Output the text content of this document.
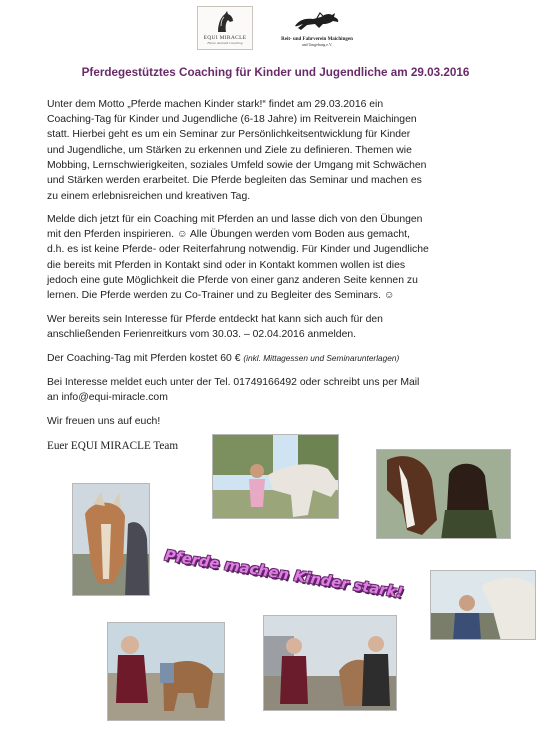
EQUI MIRACLE
Horse Assisted Coaching
Reit- und Fahrverein Maichingen
und Umgebung e.V.
Pferdegestütztes Coaching für Kinder und Jugendliche am 29.03.2016

Unter dem Motto „Pferde machen Kinder stark!“ findet am 29.03.2016 ein

Coaching-Tag für Kinder und Jugendliche (6-18 Jahre) im Reitverein Maichingen

statt. Hierbei geht es um ein Seminar zur Persönlichkeitsentwicklung für Kinder

und Jugendliche, um Stärken zu erkennen und Ziele zu definieren. Themen wie

Mobbing, Lernschwierigkeiten, soziales Umfeld sowie der Umgang mit Schwächen

und Stärken werden erarbeitet. Die Pferde begleiten das Seminar und machen es

zu einem erlebnisreichen und kreativen Tag.

Melde dich jetzt für ein Coaching mit Pferden an und lasse dich von den Übungen

mit den Pferden inspirieren. ☺ Alle Übungen werden vom Boden aus gemacht,

d.h. es ist keine Pferde- oder Reiterfahrung notwendig. Für Kinder und Jugendliche

die bereits mit Pferden in Kontakt sind oder in Kontakt kommen wollen ist dies

jedoch eine gute Möglichkeit die Pferde von einer ganz anderen Seite kennen zu

lernen. Die Pferde werden zu Co-Trainer und zu Begleiter des Seminars. ☺

Wer bereits sein Interesse für Pferde entdeckt hat kann sich auch für den

anschließenden Ferienreitkurs vom 30.03. – 02.04.2016 anmelden.

Der Coaching-Tag mit Pferden kostet 60 € (inkl. Mittagessen und Seminarunterlagen)

Bei Interesse meldet euch unter der Tel. 01749166492 oder schreibt uns per Mail

an info@equi-miracle.com

Wir freuen uns auf euch!

Euer EQUI MIRACLE Team

Pferde machen Kinder stark!
